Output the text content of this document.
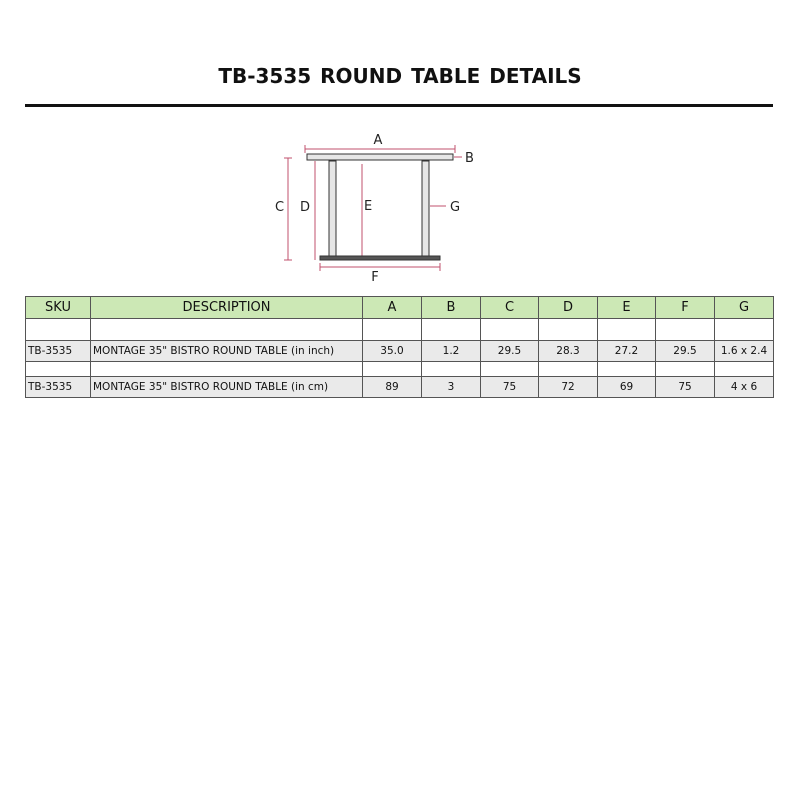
TB-3535 ROUND TABLE DETAILS
A
B
C D	E	G
F
SKU	DESCRIPTION	A	B	C	D	E	F	G

TB-3535	MONTAGE 35" BISTRO ROUND TABLE (in inch)	35.0	1.2	29.5	28.3	27.2	29.5	1.6 x 2.4

TB-3535	MONTAGE 35" BISTRO ROUND TABLE (in cm)	89	3	75	72	69	75	4 x 6
